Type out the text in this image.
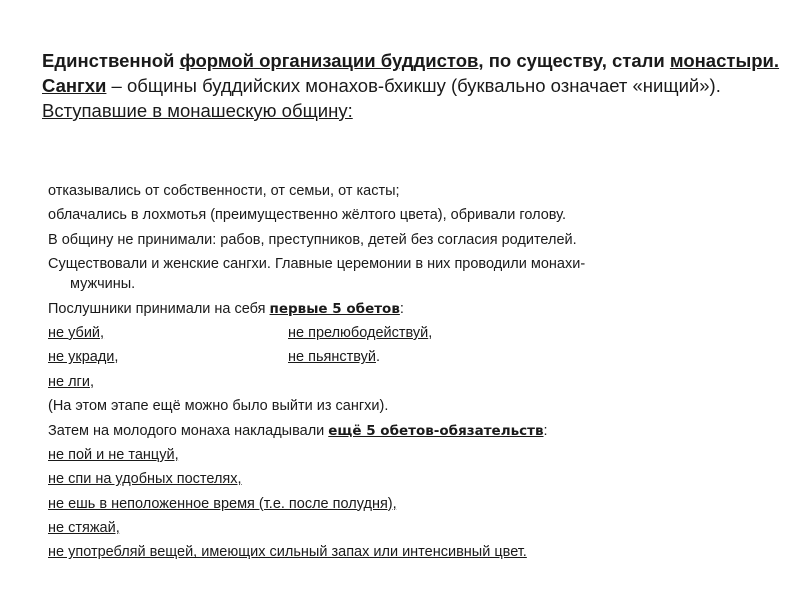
Единственной формой организации буддистов, по существу, стали монастыри.

Сангхи – общины буддийских монахов-бхикшу (буквально означает «нищий»).

Вступавшие в монашескую общину:

отказывались от собственности, от семьи, от касты;
облачались в лохмотья (преимущественно жёлтого цвета), обривали голову.
В общину не принимали: рабов, преступников, детей без согласия родителей.
Существовали и женские сангхи. Главные церемонии в них проводили монахи-
мужчины.
Послушники принимали на себя первые 5 обетов:
не убий,	не прелюбодействуй,
не укради,	не пьянствуй.
не лги,
(На этом этапе ещё можно было выйти из сангхи).
Затем на молодого монаха накладывали ещё 5 обетов-обязательств:
не пой и не танцуй,
не спи на удобных постелях,
не ешь в неположенное время (т.е. после полудня),
не стяжай,
не употребляй вещей, имеющих сильный запах или интенсивный цвет.
